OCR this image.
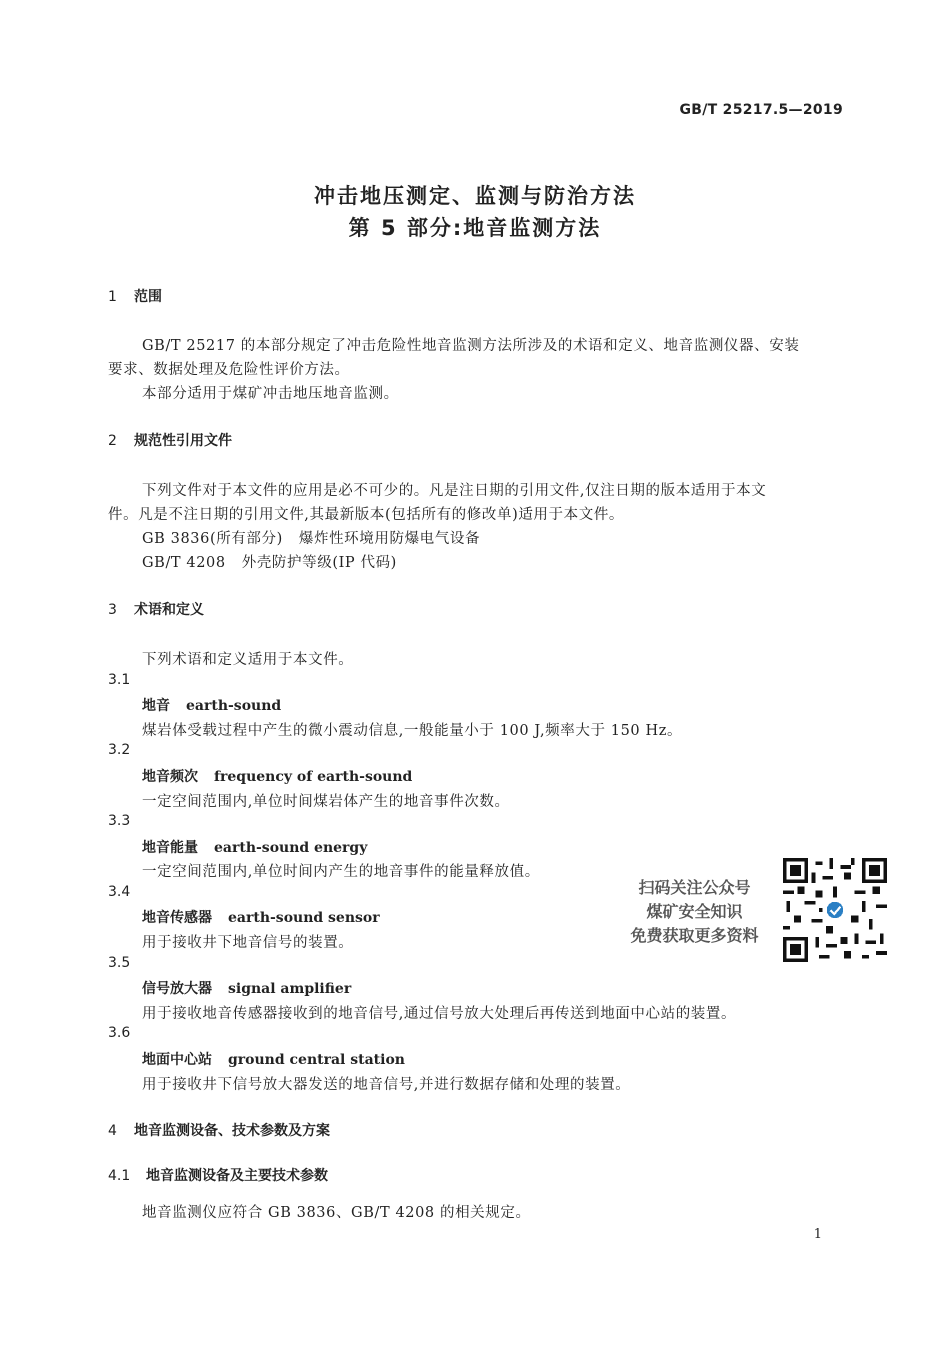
GB/T 25217.5—2019
冲击地压测定、监测与防治方法
第 5 部分:地音监测方法
1 范围
GB/T 25217 的本部分规定了冲击危险性地音监测方法所涉及的术语和定义、地音监测仪器、安装
要求、数据处理及危险性评价方法。
本部分适用于煤矿冲击地压地音监测。
2 规范性引用文件
下列文件对于本文件的应用是必不可少的。凡是注日期的引用文件,仅注日期的版本适用于本文
件。凡是不注日期的引用文件,其最新版本(包括所有的修改单)适用于本文件。
GB 3836(所有部分) 爆炸性环境用防爆电气设备
GB/T 4208 外壳防护等级(IP 代码)
3 术语和定义
下列术语和定义适用于本文件。
3.1
地音 earth-sound
煤岩体受载过程中产生的微小震动信息,一般能量小于 100 J,频率大于 150 Hz。
3.2
地音频次 frequency of earth-sound
一定空间范围内,单位时间煤岩体产生的地音事件次数。
3.3
地音能量 earth-sound energy
一定空间范围内,单位时间内产生的地音事件的能量释放值。
3.4
地音传感器 earth-sound sensor
用于接收井下地音信号的装置。
3.5
信号放大器 signal amplifier
用于接收地音传感器接收到的地音信号,通过信号放大处理后再传送到地面中心站的装置。
3.6
地面中心站 ground central station
用于接收井下信号放大器发送的地音信号,并进行数据存储和处理的装置。
4 地音监测设备、技术参数及方案
4.1 地音监测设备及主要技术参数
地音监测仪应符合 GB 3836、GB/T 4208 的相关规定。
扫码关注公众号
煤矿安全知识
免费获取更多资料
1
